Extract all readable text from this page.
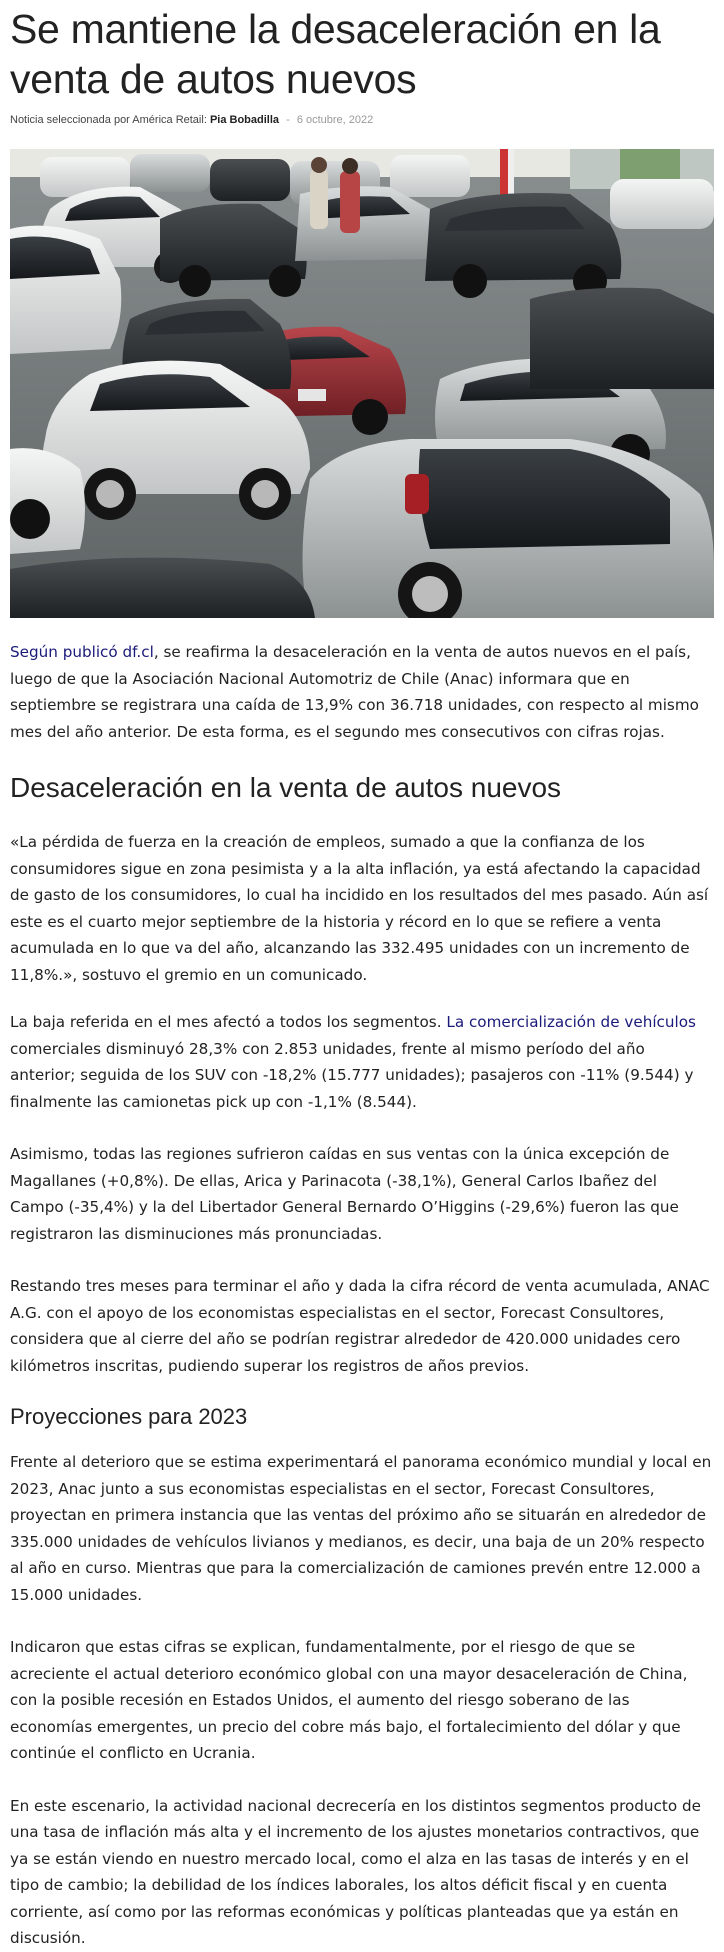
Se mantiene la desaceleración en la venta de autos nuevos
Noticia seleccionada por América Retail: Pia Bobadilla - 6 octubre, 2022

Según publicó df.cl, se reafirma la desaceleración en la venta de autos nuevos en el país, luego de que la Asociación Nacional Automotriz de Chile (Anac) informara que en septiembre se registrara una caída de 13,9% con 36.718 unidades, con respecto al mismo mes del año anterior. De esta forma, es el segundo mes consecutivos con cifras rojas.

Desaceleración en la venta de autos nuevos

«La pérdida de fuerza en la creación de empleos, sumado a que la confianza de los consumidores sigue en zona pesimista y a la alta inflación, ya está afectando la capacidad de gasto de los consumidores, lo cual ha incidido en los resultados del mes pasado. Aún así este es el cuarto mejor septiembre de la historia y récord en lo que se refiere a venta acumulada en lo que va del año, alcanzando las 332.495 unidades con un incremento de 11,8%.», sostuvo el gremio en un comunicado.

La baja referida en el mes afectó a todos los segmentos. La comercialización de vehículos comerciales disminuyó 28,3% con 2.853 unidades, frente al mismo período del año anterior; seguida de los SUV con -18,2% (15.777 unidades); pasajeros con -11% (9.544) y finalmente las camionetas pick up con -1,1% (8.544).

Asimismo, todas las regiones sufrieron caídas en sus ventas con la única excepción de Magallanes (+0,8%). De ellas, Arica y Parinacota (-38,1%), General Carlos Ibañez del Campo (-35,4%) y la del Libertador General Bernardo O’Higgins (-29,6%) fueron las que registraron las disminuciones más pronunciadas.

Restando tres meses para terminar el año y dada la cifra récord de venta acumulada, ANAC A.G. con el apoyo de los economistas especialistas en el sector, Forecast Consultores, considera que al cierre del año se podrían registrar alrededor de 420.000 unidades cero kilómetros inscritas, pudiendo superar los registros de años previos.

Proyecciones para 2023

Frente al deterioro que se estima experimentará el panorama económico mundial y local en 2023, Anac junto a sus economistas especialistas en el sector, Forecast Consultores, proyectan en primera instancia que las ventas del próximo año se situarán en alrededor de 335.000 unidades de vehículos livianos y medianos, es decir, una baja de un 20% respecto al año en curso. Mientras que para la comercialización de camiones prevén entre 12.000 a 15.000 unidades.

Indicaron que estas cifras se explican, fundamentalmente, por el riesgo de que se acreciente el actual deterioro económico global con una mayor desaceleración de China, con la posible recesión en Estados Unidos, el aumento del riesgo soberano de las economías emergentes, un precio del cobre más bajo, el fortalecimiento del dólar y que continúe el conflicto en Ucrania.

En este escenario, la actividad nacional decrecería en los distintos segmentos producto de una tasa de inflación más alta y el incremento de los ajustes monetarios contractivos, que ya se están viendo en nuestro mercado local, como el alza en las tasas de interés y en el tipo de cambio; la debilidad de los índices laborales, los altos déficit fiscal y en cuenta corriente, así como por las reformas económicas y políticas planteadas que ya están en discusión.
